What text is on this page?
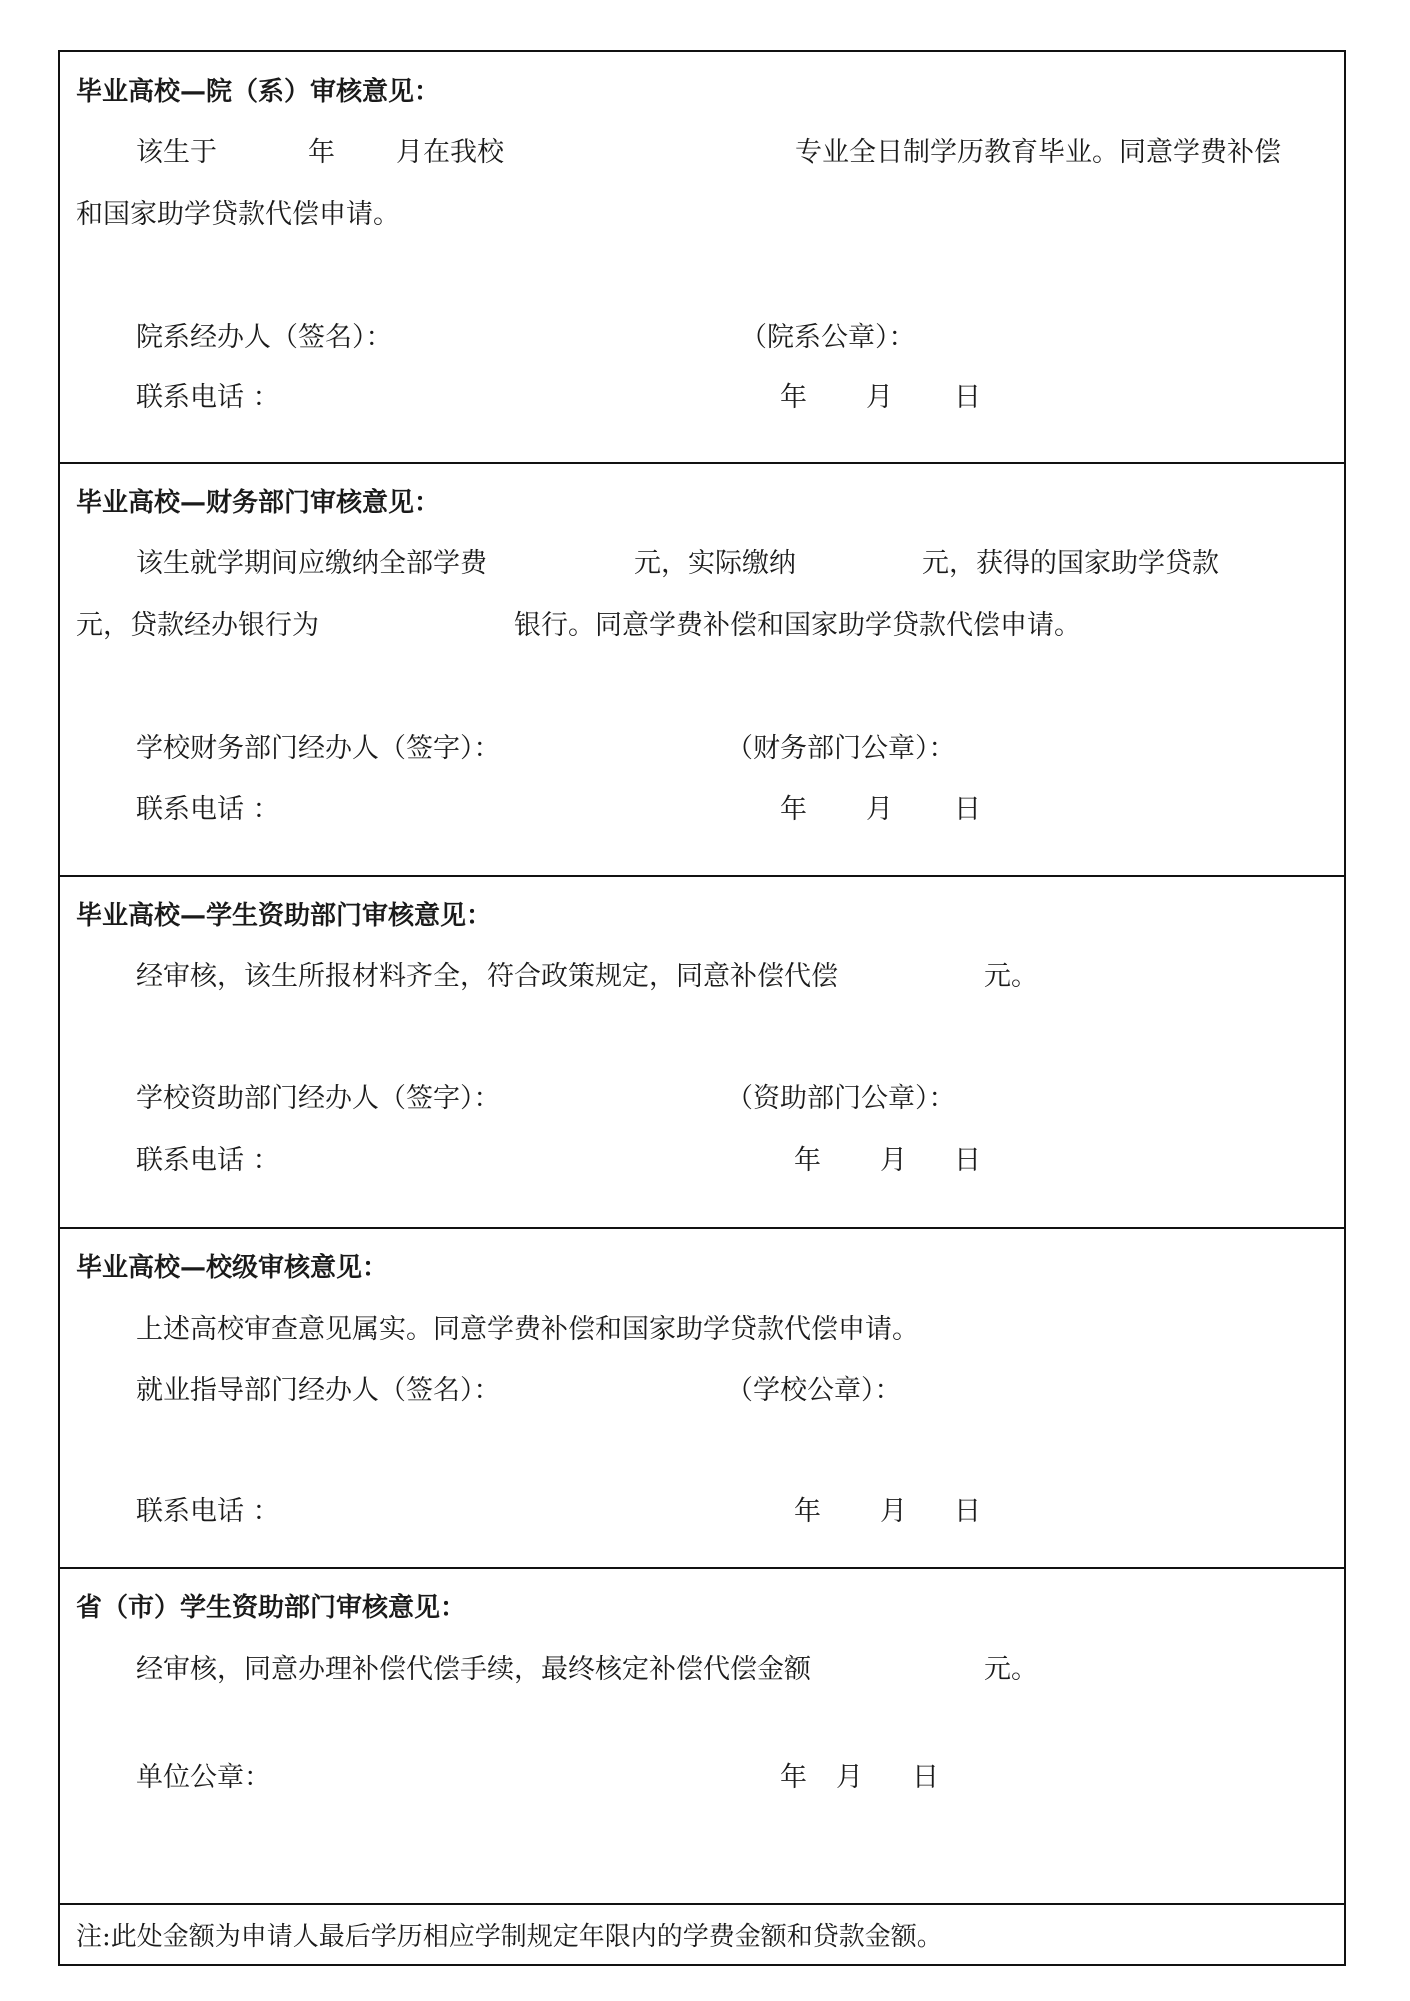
毕业高校—院（系）审核意见：
该生于	年 月在我校	专业全日制学历教育毕业。同意学费补偿
和国家助学贷款代偿申请。
院系经办人（签名）：	（院系公章）：
联系电话 ：	年 月 日
毕业高校—财务部门审核意见：
该生就学期间应缴纳全部学费	元，实际缴纳	元，获得的国家助学贷款
元，贷款经办银行为	银行。同意学费补偿和国家助学贷款代偿申请。
学校财务部门经办人（签字）：	（财务部门公章）：
联系电话 ：	年 月 日
毕业高校—学生资助部门审核意见：
经审核，该生所报材料齐全，符合政策规定，同意补偿代偿	元。
学校资助部门经办人（签字）：	（资助部门公章）：
联系电话 ：	年 月 日
毕业高校—校级审核意见：
上述高校审查意见属实。同意学费补偿和国家助学贷款代偿申请。
就业指导部门经办人（签名）：	（学校公章）：
联系电话 ：	年 月 日
省（市）学生资助部门审核意见：
经审核，同意办理补偿代偿手续，最终核定补偿代偿金额	元。
单位公章：	年 月 日
注:此处金额为申请人最后学历相应学制规定年限内的学费金额和贷款金额。
